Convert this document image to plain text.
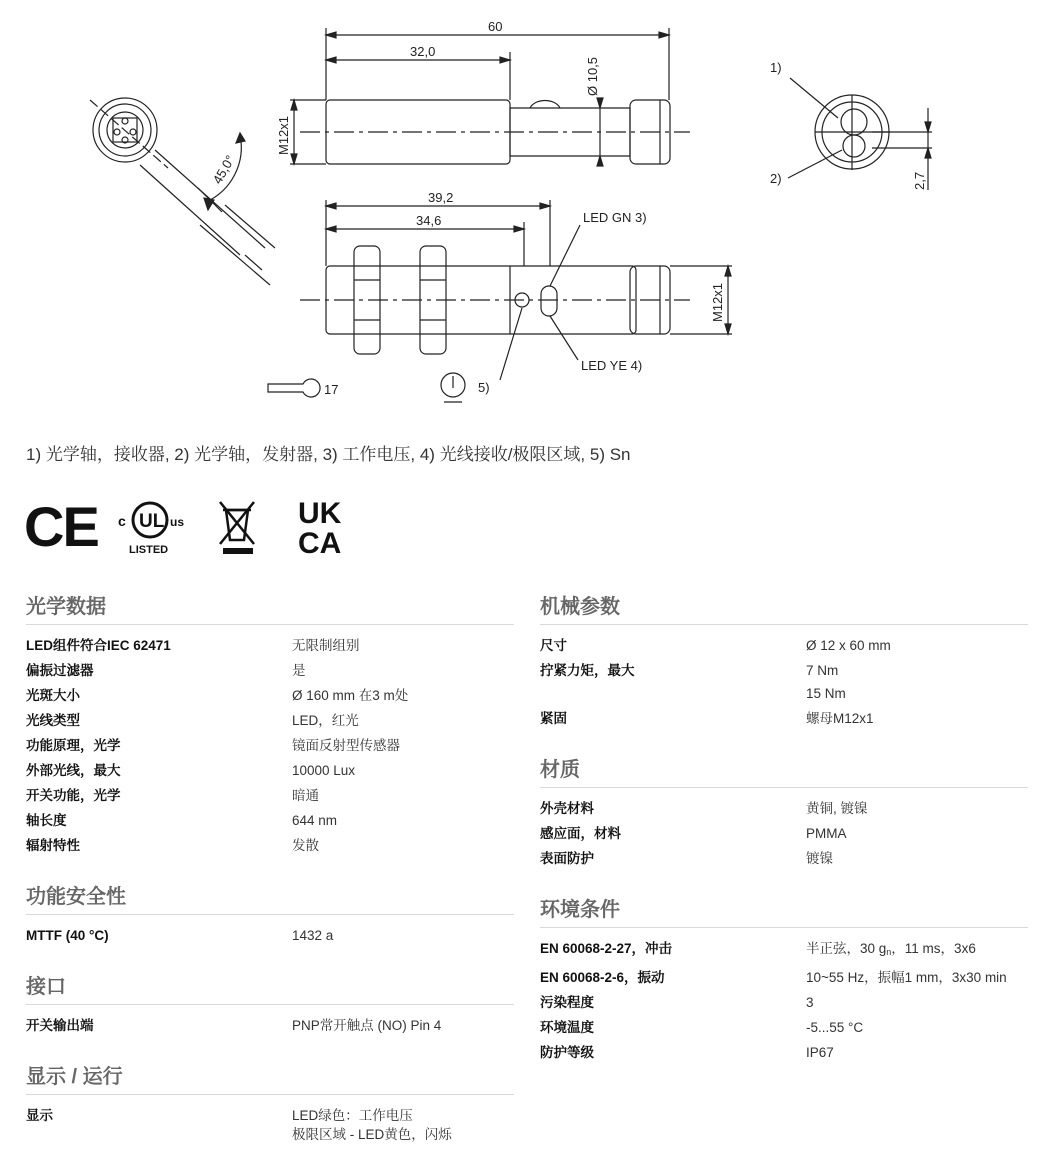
45,0°
60
32,0
Ø 10,5
M12x1
39,2
34,6	LED GN 3)
LED YE 4)
M12x1
17	5)
1)
2)	2,7
1) 光学轴，接收器, 2) 光学轴，发射器, 3) 工作电压, 4) 光线接收/极限区域, 5) Sn
CE c UL us
LISTED
UK
CA
光学数据
LED组件符合IEC 62471	无限制组别
偏振过滤器	是
光斑大小	Ø 160 mm 在3 m处
光线类型	LED，红光
功能原理，光学	镜面反射型传感器
外部光线，最大	10000 Lux
开关功能，光学	暗通
轴长度	644 nm
辐射特性	发散
功能安全性
MTTF (40 °C)	1432 a
接口
开关输出端	PNP常开触点 (NO) Pin 4
显示 / 运行
显示	LED绿色：工作电压
极限区域 - LED黄色，闪烁
机械参数
尺寸	Ø 12 x 60 mm
拧紧力矩，最大	7 Nm
15 Nm
紧固	螺母M12x1
材质
外壳材料	黄铜, 镀镍
感应面，材料	PMMA
表面防护	镀镍
环境条件
EN 60068-2-27，冲击	半正弦，30 $g_n$，11 ms，3x6
EN 60068-2-6，振动	10~55 Hz，振幅1 mm，3x30 min
污染程度	3
环境温度	-5...55 °C
防护等级	IP67
